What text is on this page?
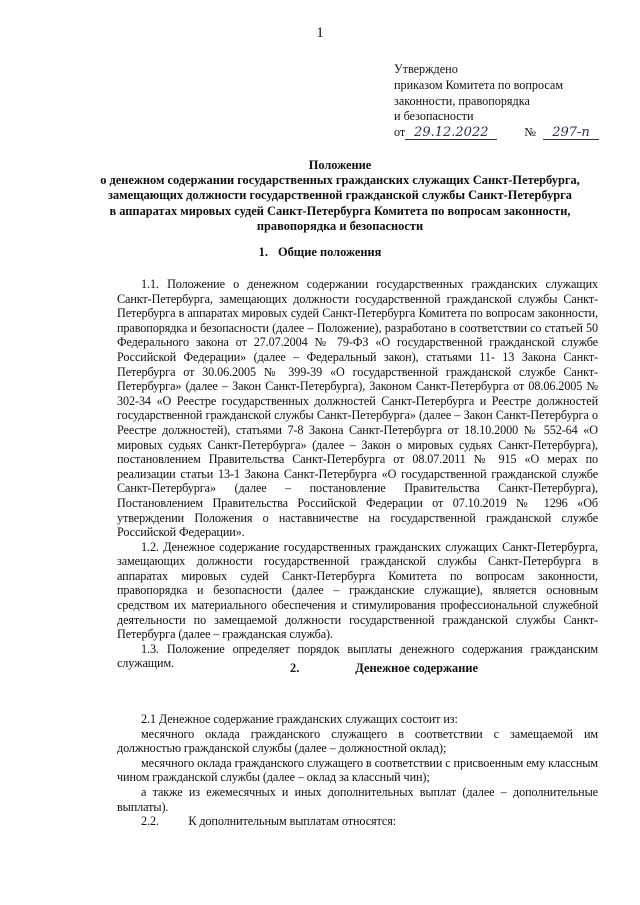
1
Утверждено
приказом Комитета по вопросам
законности, правопорядка
и безопасности
от 29.12.2022	№ 297-п
Положение
о денежном содержании государственных гражданских служащих Санкт-Петербурга,
замещающих должности государственной гражданской службы Санкт-Петербурга
в аппаратах мировых судей Санкт-Петербурга Комитета по вопросам законности,
правопорядка и безопасности
1. Общие положения

1.1. Положение о денежном содержании государственных гражданских служащих Санкт-Петербурга, замещающих должности государственной гражданской службы Санкт-Петербурга в аппаратах мировых судей Санкт-Петербурга Комитета по вопросам законности, правопорядка и безопасности (далее – Положение), разработано в соответствии со статьей 50 Федерального закона от 27.07.2004 № 79-ФЗ «О государственной гражданской службе Российской Федерации» (далее – Федеральный закон), статьями 11- 13 Закона Санкт-Петербурга от 30.06.2005 № 399-39 «О государственной гражданской службе Санкт-Петербурга» (далее – Закон Санкт-Петербурга), Законом Санкт-Петербурга от 08.06.2005 № 302-34 «О Реестре государственных должностей Санкт-Петербурга и Реестре должностей государственной гражданской службы Санкт-Петербурга» (далее – Закон Санкт-Петербурга о Реестре должностей), статьями 7-8 Закона Санкт-Петербурга от 18.10.2000 № 552-64 «О мировых судьях Санкт-Петербурга» (далее – Закон о мировых судьях Санкт-Петербурга), постановлением Правительства Санкт-Петербурга от 08.07.2011 № 915 «О мерах по реализации статьи 13-1 Закона Санкт-Петербурга «О государственной гражданской службе Санкт-Петербурга» (далее – постановление Правительства Санкт-Петербурга), Постановлением Правительства Российской Федерации от 07.10.2019 № 1296 «Об утверждении Положения о наставничестве на государственной гражданской службе Российской Федерации».

1.2. Денежное содержание государственных гражданских служащих Санкт-Петербурга, замещающих должности государственной гражданской службы Санкт-Петербурга в аппаратах мировых судей Санкт-Петербурга Комитета по вопросам законности, правопорядка и безопасности (далее – гражданские служащие), является основным средством их материального обеспечения и стимулирования профессиональной служебной деятельности по замещаемой должности государственной гражданской службы Санкт-Петербурга (далее – гражданская служба).

1.3. Положение определяет порядок выплаты денежного содержания гражданским служащим.	2.	Денежное содержание

2.1 Денежное содержание гражданских служащих состоит из:

месячного оклада гражданского служащего в соответствии с замещаемой им должностью гражданской службы (далее – должностной оклад);

месячного оклада гражданского служащего в соответствии с присвоенным ему классным чином гражданской службы (далее – оклад за классный чин);

а также из ежемесячных и иных дополнительных выплат (далее – дополнительные выплаты).

2.2.          К дополнительным выплатам относятся:
